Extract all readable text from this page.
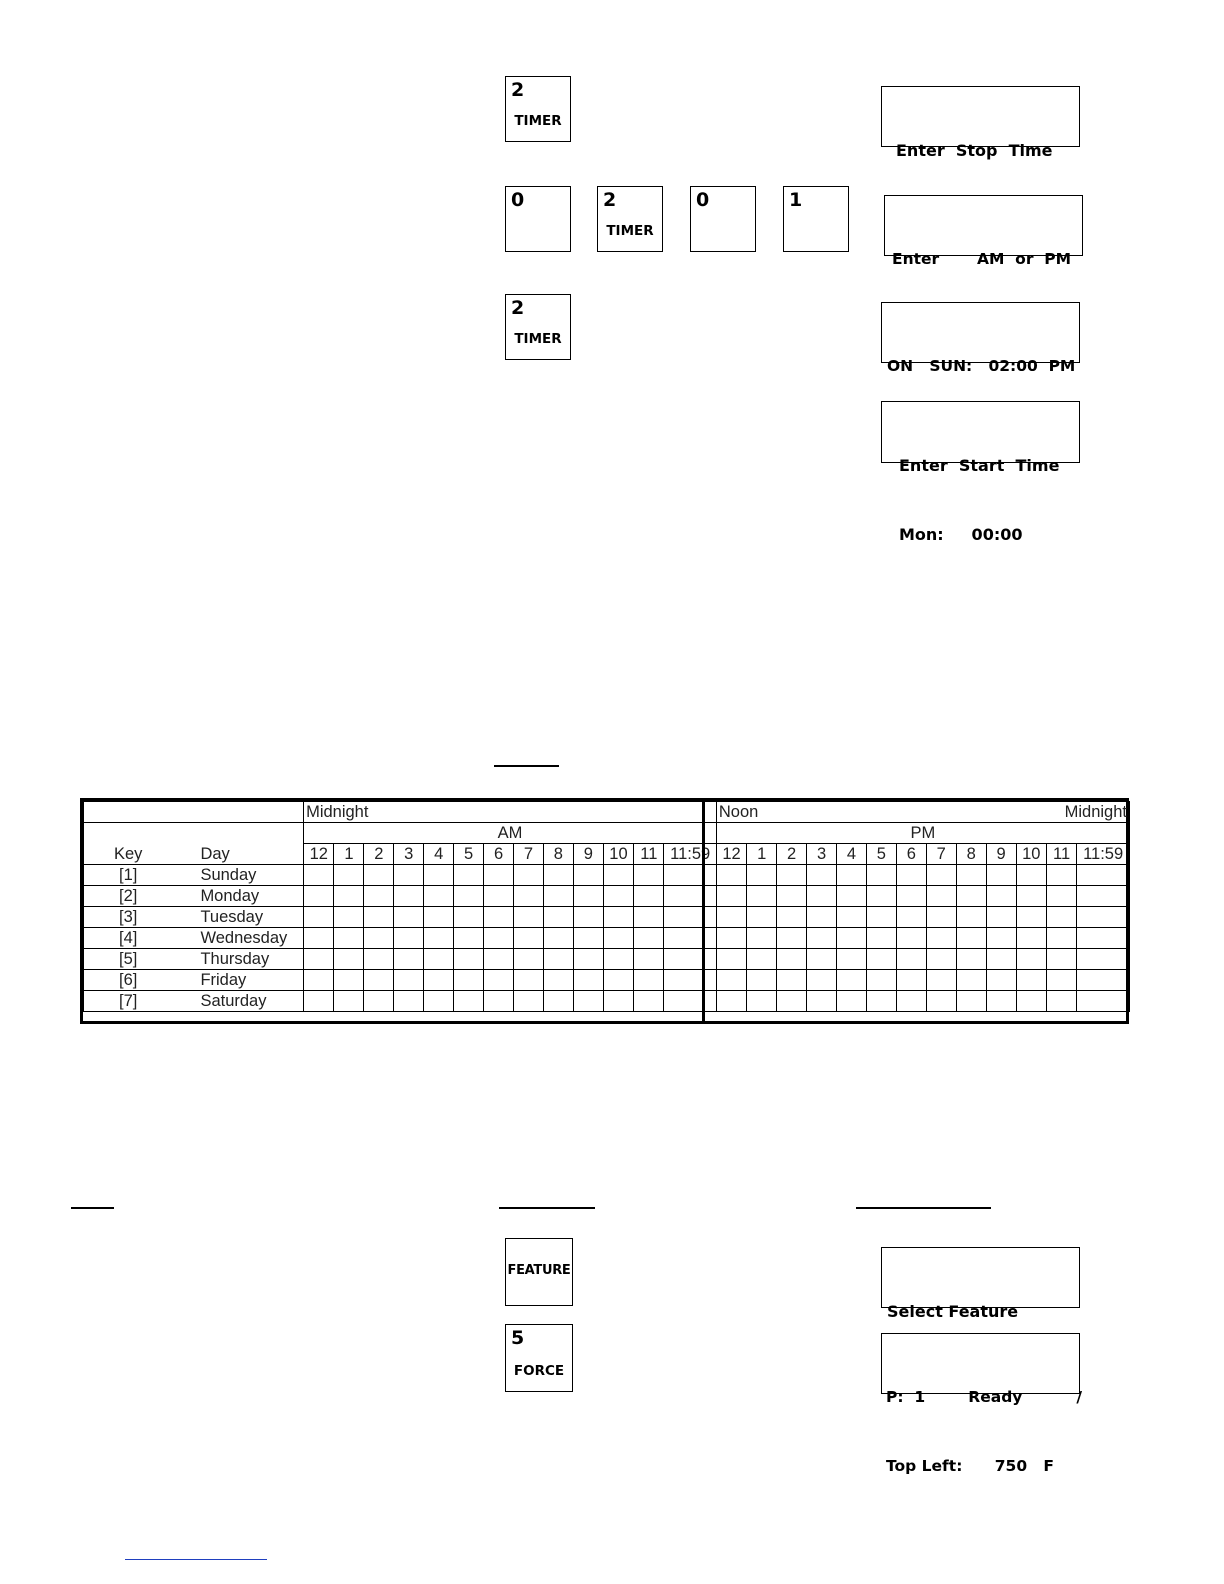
2
TIMER

Enter  Stop  Time

0	2
TIMER
0	1

Enter       AM  or  PM

2
TIMER

ON   SUN:   02:00  PM

Enter  Start  Time

Mon:     00:00

		Midnight													Noon Midnight												

		AM													PM												
Key	Day	12	1	2	3	4	5	6	7	8	9	10	11	11:59	12	1	2	3	4	5	6	7	8	9	10	11	11:59
[1]	Sunday																										
[2]	Monday																										
[3]	Tuesday																										
[4]	Wednesday																										
[5]	Thursday																										
[6]	Friday																										
[7]	Saturday																										
FEATURE

Select Feature

5
FORCE

P:  1        Ready          /

Top Left:      750   F
